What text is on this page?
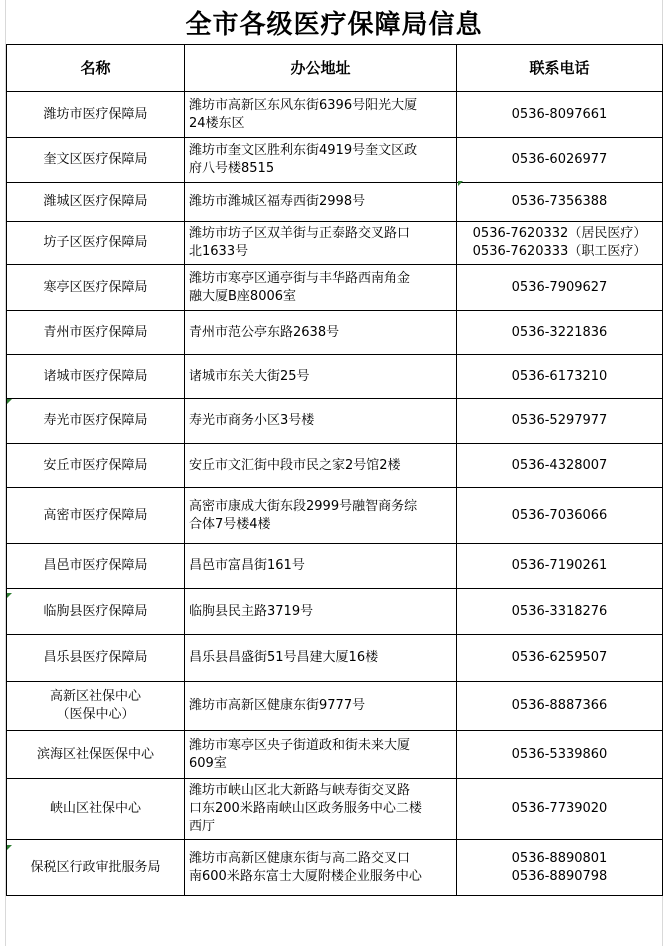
全市各级医疗保障局信息
名称	办公地址	联系电话

潍坊市医疗保障局	潍坊市高新区东风东街6396号阳光大厦
24楼东区	0536-8097661

奎文区医疗保障局	潍坊市奎文区胜利东街4919号奎文区政
府八号楼8515	0536-6026977

潍城区医疗保障局	潍坊市潍城区福寿西街2998号	0536-7356388

坊子区医疗保障局	潍坊市坊子区双羊街与正泰路交叉路口
北1633号	0536-7620332（居民医疗）
0536-7620333（职工医疗）

寒亭区医疗保障局	潍坊市寒亭区通亭街与丰华路西南角金
融大厦B座8006室	0536-7909627

青州市医疗保障局	青州市范公亭东路2638号	0536-3221836

诸城市医疗保障局	诸城市东关大街25号	0536-6173210

寿光市医疗保障局	寿光市商务小区3号楼	0536-5297977

安丘市医疗保障局	安丘市文汇街中段市民之家2号馆2楼	0536-4328007

高密市医疗保障局	高密市康成大街东段2999号融智商务综
合体7号楼4楼	0536-7036066

昌邑市医疗保障局	昌邑市富昌街161号	0536-7190261

临朐县医疗保障局	临朐县民主路3719号	0536-3318276

昌乐县医疗保障局	昌乐县昌盛街51号昌建大厦16楼	0536-6259507

高新区社保中心
（医保中心）	潍坊市高新区健康东街9777号	0536-8887366

滨海区社保医保中心	潍坊市寒亭区央子街道政和街未来大厦
609室	0536-5339860

峡山区社保中心	潍坊市峡山区北大新路与峡寿街交叉路
口东200米路南峡山区政务服务中心二楼
西厅	0536-7739020

保税区行政审批服务局	潍坊市高新区健康东街与高二路交叉口
南600米路东富士大厦附楼企业服务中心	0536-8890801
0536-8890798
